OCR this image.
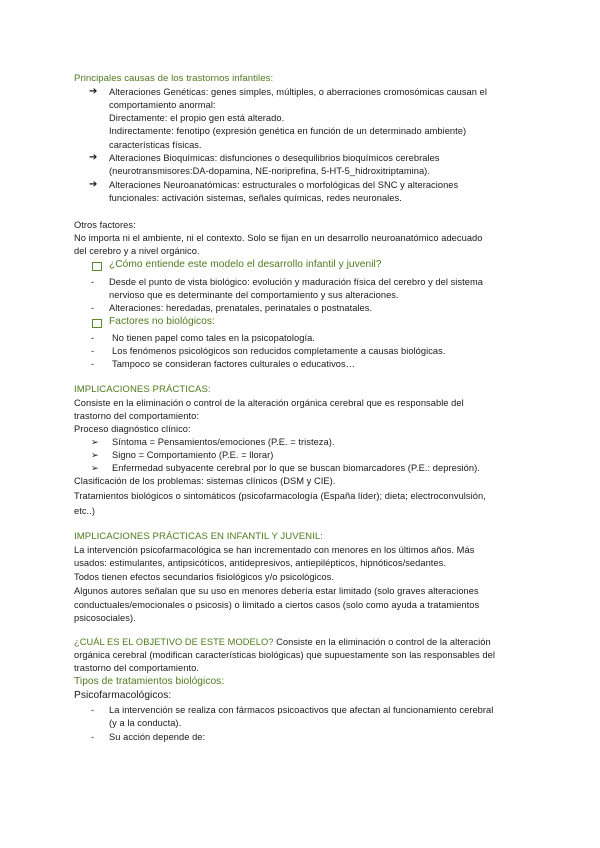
Principales causas de los trastornos infantiles:
➔ Alteraciones Genéticas: genes simples, múltiples, o aberraciones cromosómicas causan el
comportamiento anormal:
Directamente: el propio gen está alterado.
Indirectamente: fenotipo (expresión genética en función de un determinado ambiente)
características físicas.
➔ Alteraciones Bioquímicas: disfunciones o desequilibrios bioquímicos cerebrales
(neurotransmisores:DA-dopamina, NE-noriprefina, 5-HT-5_hidroxitriptamina).
➔ Alteraciones Neuroanatómicas: estructurales o morfológicas del SNC y alteraciones
funcionales: activación sistemas, señales químicas, redes neuronales.
Otros factores:
No importa ni el ambiente, ni el contexto. Solo se fijan en un desarrollo neuroanatómico adecuado
del cerebro y a nivel orgánico.
¿Cómo entiende este modelo el desarrollo infantil y juvenil?
- Desde el punto de vista biológico: evolución y maduración física del cerebro y del sistema
nervioso que es determinante del comportamiento y sus alteraciones.
- Alteraciones: heredadas, prenatales, perinatales o postnatales.
Factores no biológicos:
- No tienen papel como tales en la psicopatología.
- Los fenómenos psicológicos son reducidos completamente a causas biológicas.
- Tampoco se consideran factores culturales o educativos…
IMPLICACIONES PRÁCTICAS:
Consiste en la eliminación o control de la alteración orgánica cerebral que es responsable del
trastorno del comportamiento:
Proceso diagnóstico clínico:
➢ Síntoma = Pensamientos/emociones (P.E. = tristeza).
➢ Signo = Comportamiento (P.E. = llorar)
➢ Enfermedad subyacente cerebral por lo que se buscan biomarcadores (P.E.: depresión).
Clasificación de los problemas: sistemas clínicos (DSM y CIE).
Tratamientos biológicos o sintomáticos (psicofarmacología (España líder); dieta; electroconvulsión,
etc..)
IMPLICACIONES PRÁCTICAS EN INFANTIL Y JUVENIL:
La intervención psicofarmacológica se han incrementado con menores en los últimos años. Más
usados: estimulantes, antipsicóticos, antidepresivos, antiepilépticos, hipnóticos/sedantes.
Todos tienen efectos secundarios fisiológicos y/o psicológicos.
Algunos autores señalan que su uso en menores debería estar limitado (solo graves alteraciones
conductuales/emocionales o psicosis) o limitado a ciertos casos (solo como ayuda a tratamientos
psicosociales).
¿CUÁL ES EL OBJETIVO DE ESTE MODELO? Consiste en la eliminación o control de la alteración
orgánica cerebral (modifican características biológicas) que supuestamente son las responsables del
trastorno del comportamiento.
Tipos de tratamientos biológicos:
Psicofarmacológicos:
- La intervención se realiza con fármacos psicoactivos que afectan al funcionamiento cerebral
(y a la conducta).
- Su acción depende de:
